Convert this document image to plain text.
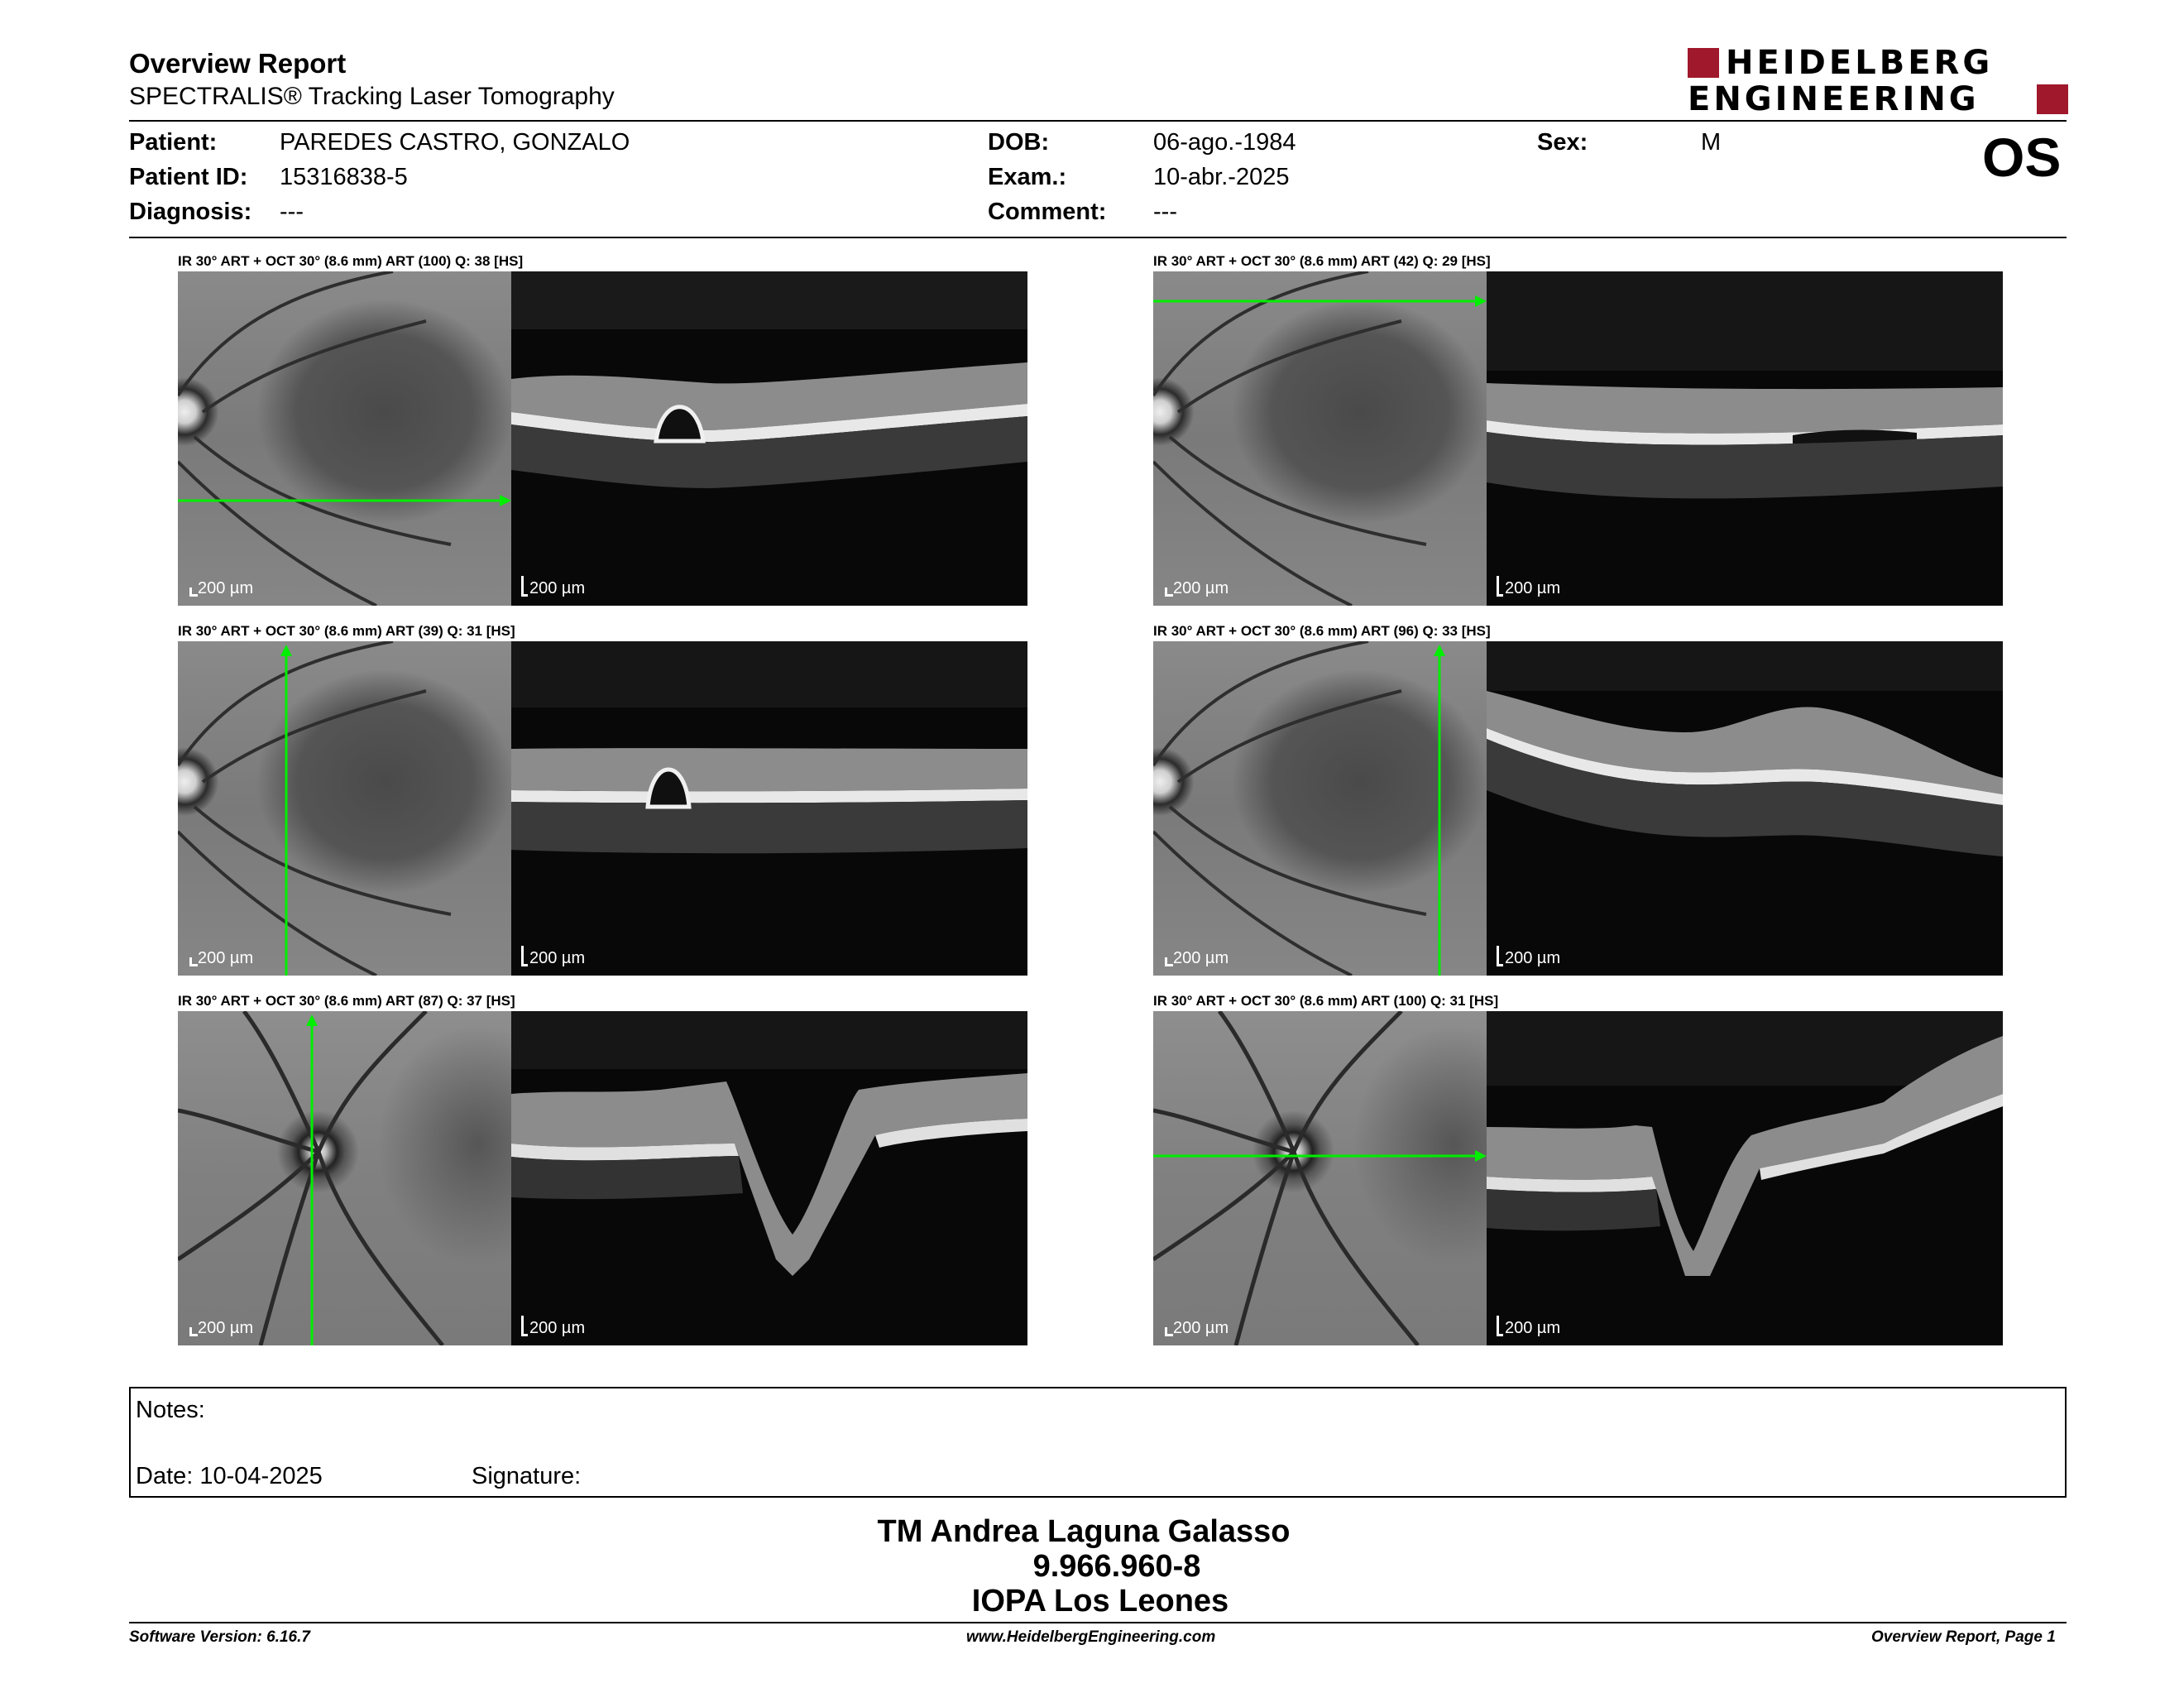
Overview Report
SPECTRALIS® Tracking Laser Tomography
HEIDELBERG
ENGINEERING
Patient:	PAREDES CASTRO, GONZALO
Patient ID: 15316838-5
Diagnosis: ---
DOB:	06-ago.-1984
Exam.:	10-abr.-2025
Comment: ---
Sex:	M	OS
IR 30° ART + OCT 30° (8.6 mm) ART (100) Q: 38 [HS]
200 µm	200 µm
IR 30° ART + OCT 30° (8.6 mm) ART (42) Q: 29 [HS]
200 µm	200 µm
IR 30° ART + OCT 30° (8.6 mm) ART (39) Q: 31 [HS]
200 µm	200 µm
IR 30° ART + OCT 30° (8.6 mm) ART (96) Q: 33 [HS]
200 µm	200 µm
IR 30° ART + OCT 30° (8.6 mm) ART (87) Q: 37 [HS]
200 µm	200 µm
IR 30° ART + OCT 30° (8.6 mm) ART (100) Q: 31 [HS]
200 µm	200 µm
Notes:
Date: 10-04-2025	Signature:
TM Andrea Laguna Galasso
9.966.960-8
IOPA Los Leones
Software Version: 6.16.7	www.HeidelbergEngineering.com	Overview Report, Page 1
